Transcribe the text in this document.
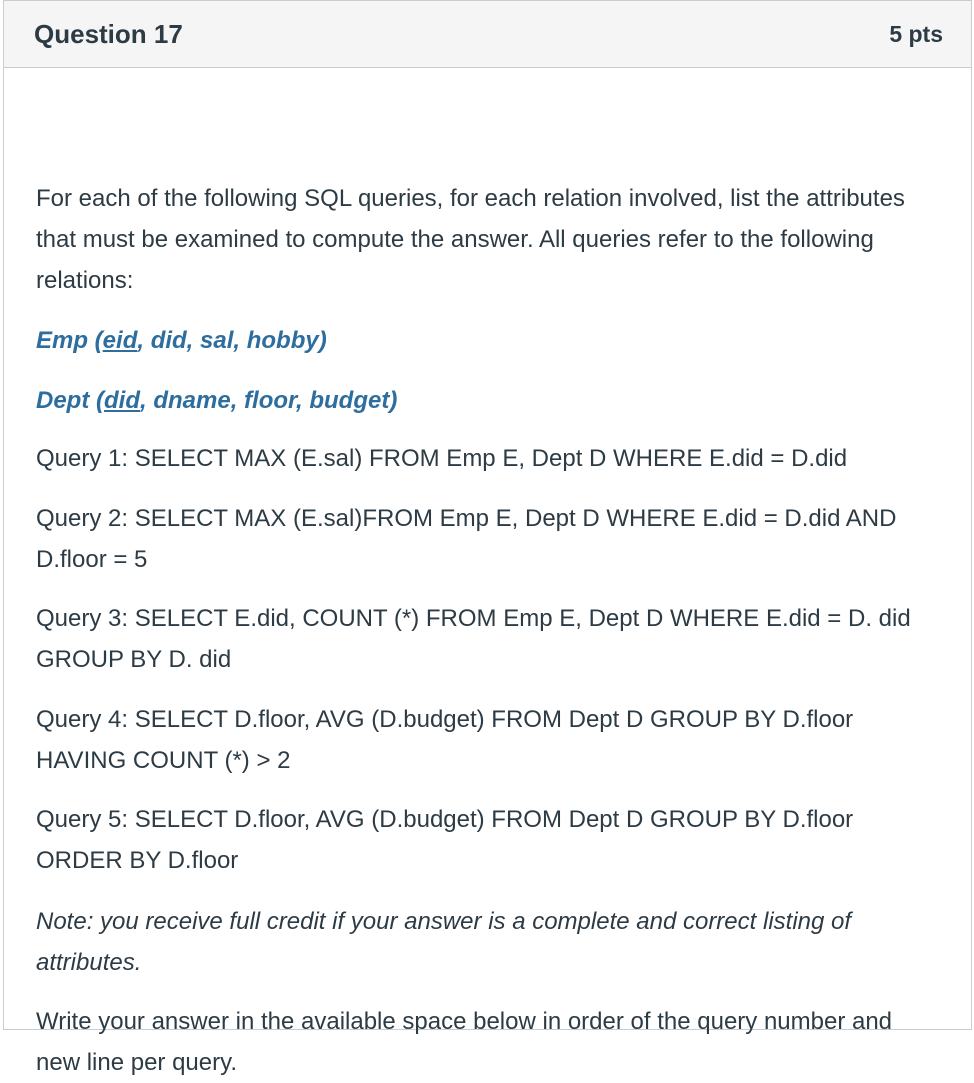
Question 17	5 pts

For each of the following SQL queries, for each relation involved, list the attributes that must be examined to compute the answer. All queries refer to the following relations:

Emp (eid, did, sal, hobby)

Dept (did, dname, floor, budget)

Query 1: SELECT MAX (E.sal) FROM Emp E, Dept D WHERE E.did = D.did

Query 2: SELECT MAX (E.sal)FROM Emp E, Dept D WHERE E.did = D.did AND D.floor = 5

Query 3: SELECT E.did, COUNT (*) FROM Emp E, Dept D WHERE E.did = D. did GROUP BY D. did

Query 4: SELECT D.floor, AVG (D.budget) FROM Dept D GROUP BY D.floor HAVING COUNT (*) > 2

Query 5: SELECT D.floor, AVG (D.budget) FROM Dept D GROUP BY D.floor ORDER BY D.floor

Note: you receive full credit if your answer is a complete and correct listing of attributes.

Write your answer in the available space below in order of the query number and new line per query.
